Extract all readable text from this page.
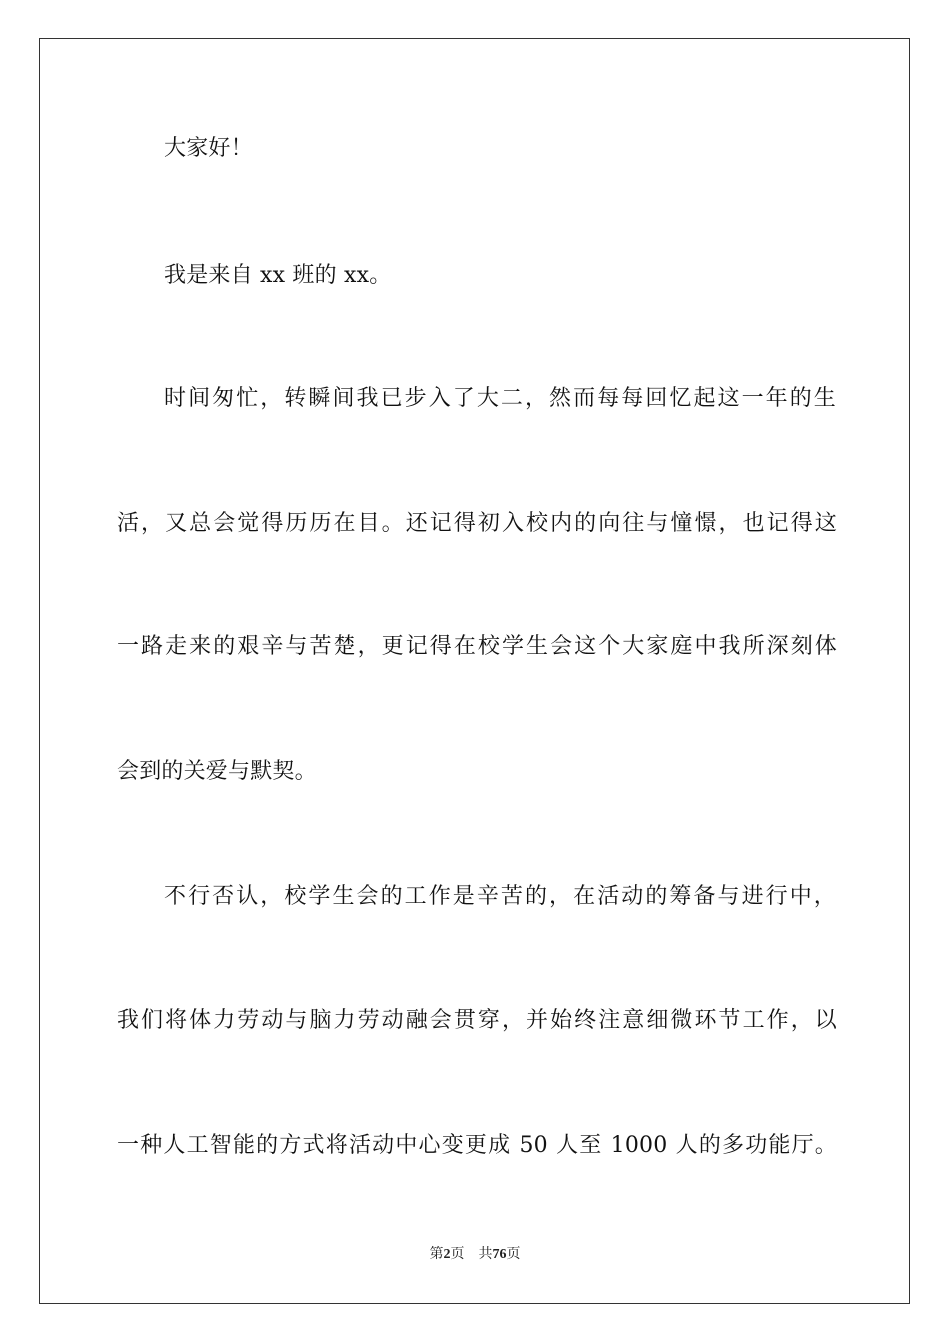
大家好！
我是来自 xx 班的 xx。
时间匆忙，转瞬间我已步入了大二，然而每每回忆起这一年的生
活，又总会觉得历历在目。还记得初入校内的向往与憧憬，也记得这
一路走来的艰辛与苦楚，更记得在校学生会这个大家庭中我所深刻体
会到的关爱与默契。
不行否认，校学生会的工作是辛苦的，在活动的筹备与进行中，
我们将体力劳动与脑力劳动融会贯穿，并始终注意细微环节工作，以
一种人工智能的方式将活动中心变更成 50 人至 1000 人的多功能厅。
第2页 共76页
